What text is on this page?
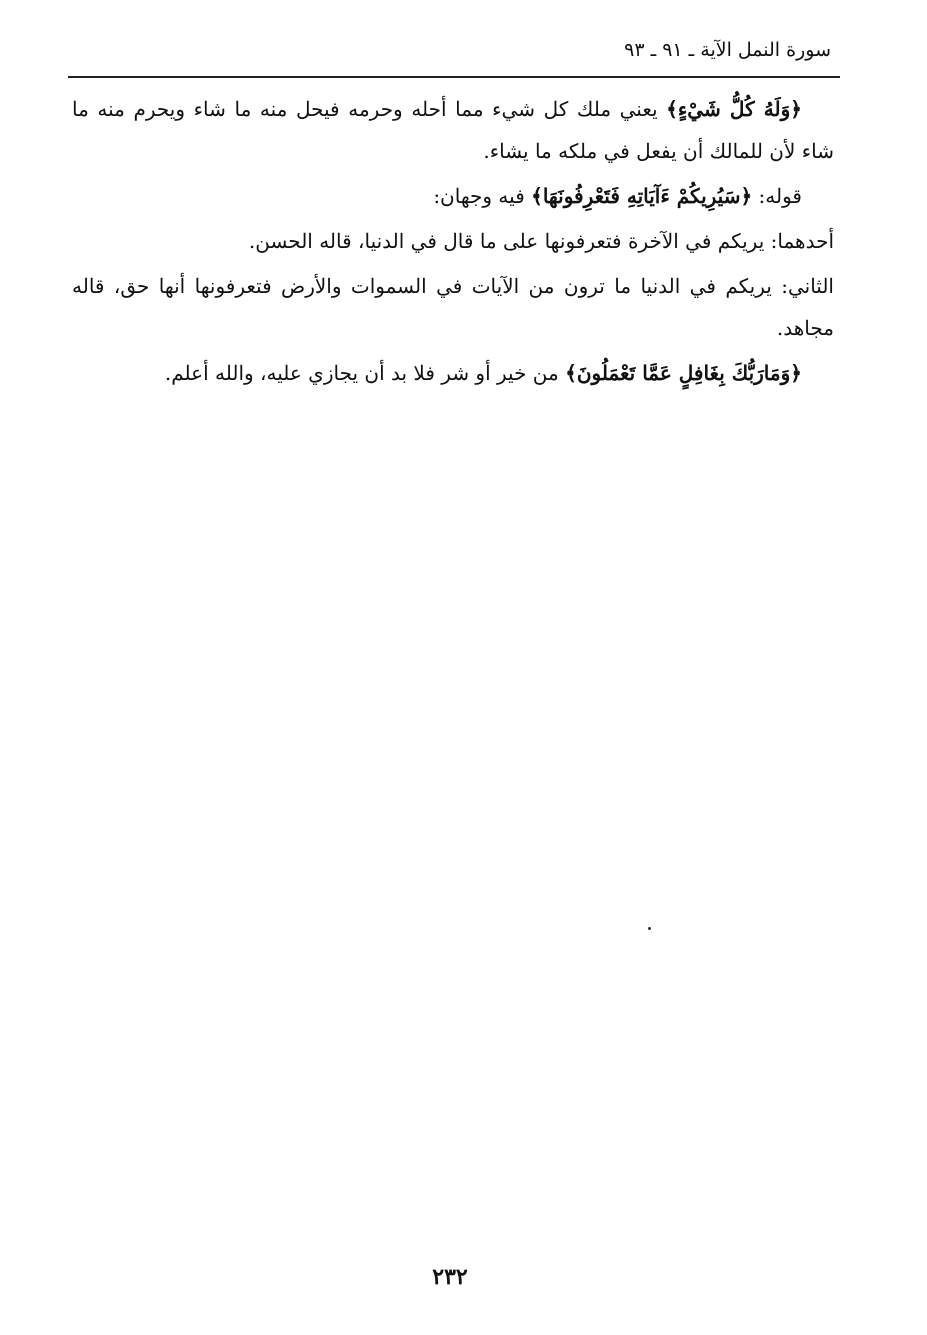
سورة النمل الآية ـ ٩١ ـ ٩٣

﴿وَلَهُ كُلُّ شَيْءٍ﴾ يعني ملك كل شيء مما أحله وحرمه فيحل منه ما شاء ويحرم منه ما شاء لأن للمالك أن يفعل في ملكه ما يشاء.

قوله: ﴿سَيُرِيكُمْ ءَآيَاتِهِ فَتَعْرِفُونَهَا﴾ فيه وجهان:

أحدهما: يريكم في الآخرة فتعرفونها على ما قال في الدنيا، قاله الحسن.

الثاني: يريكم في الدنيا ما ترون من الآيات في السموات والأرض فتعرفونها أنها حق، قاله مجاهد.

﴿وَمَارَبُّكَ بِغَافِلٍ عَمَّا تَعْمَلُونَ﴾ من خير أو شر فلا بد أن يجازي عليه، والله أعلم.

٢٣٢
